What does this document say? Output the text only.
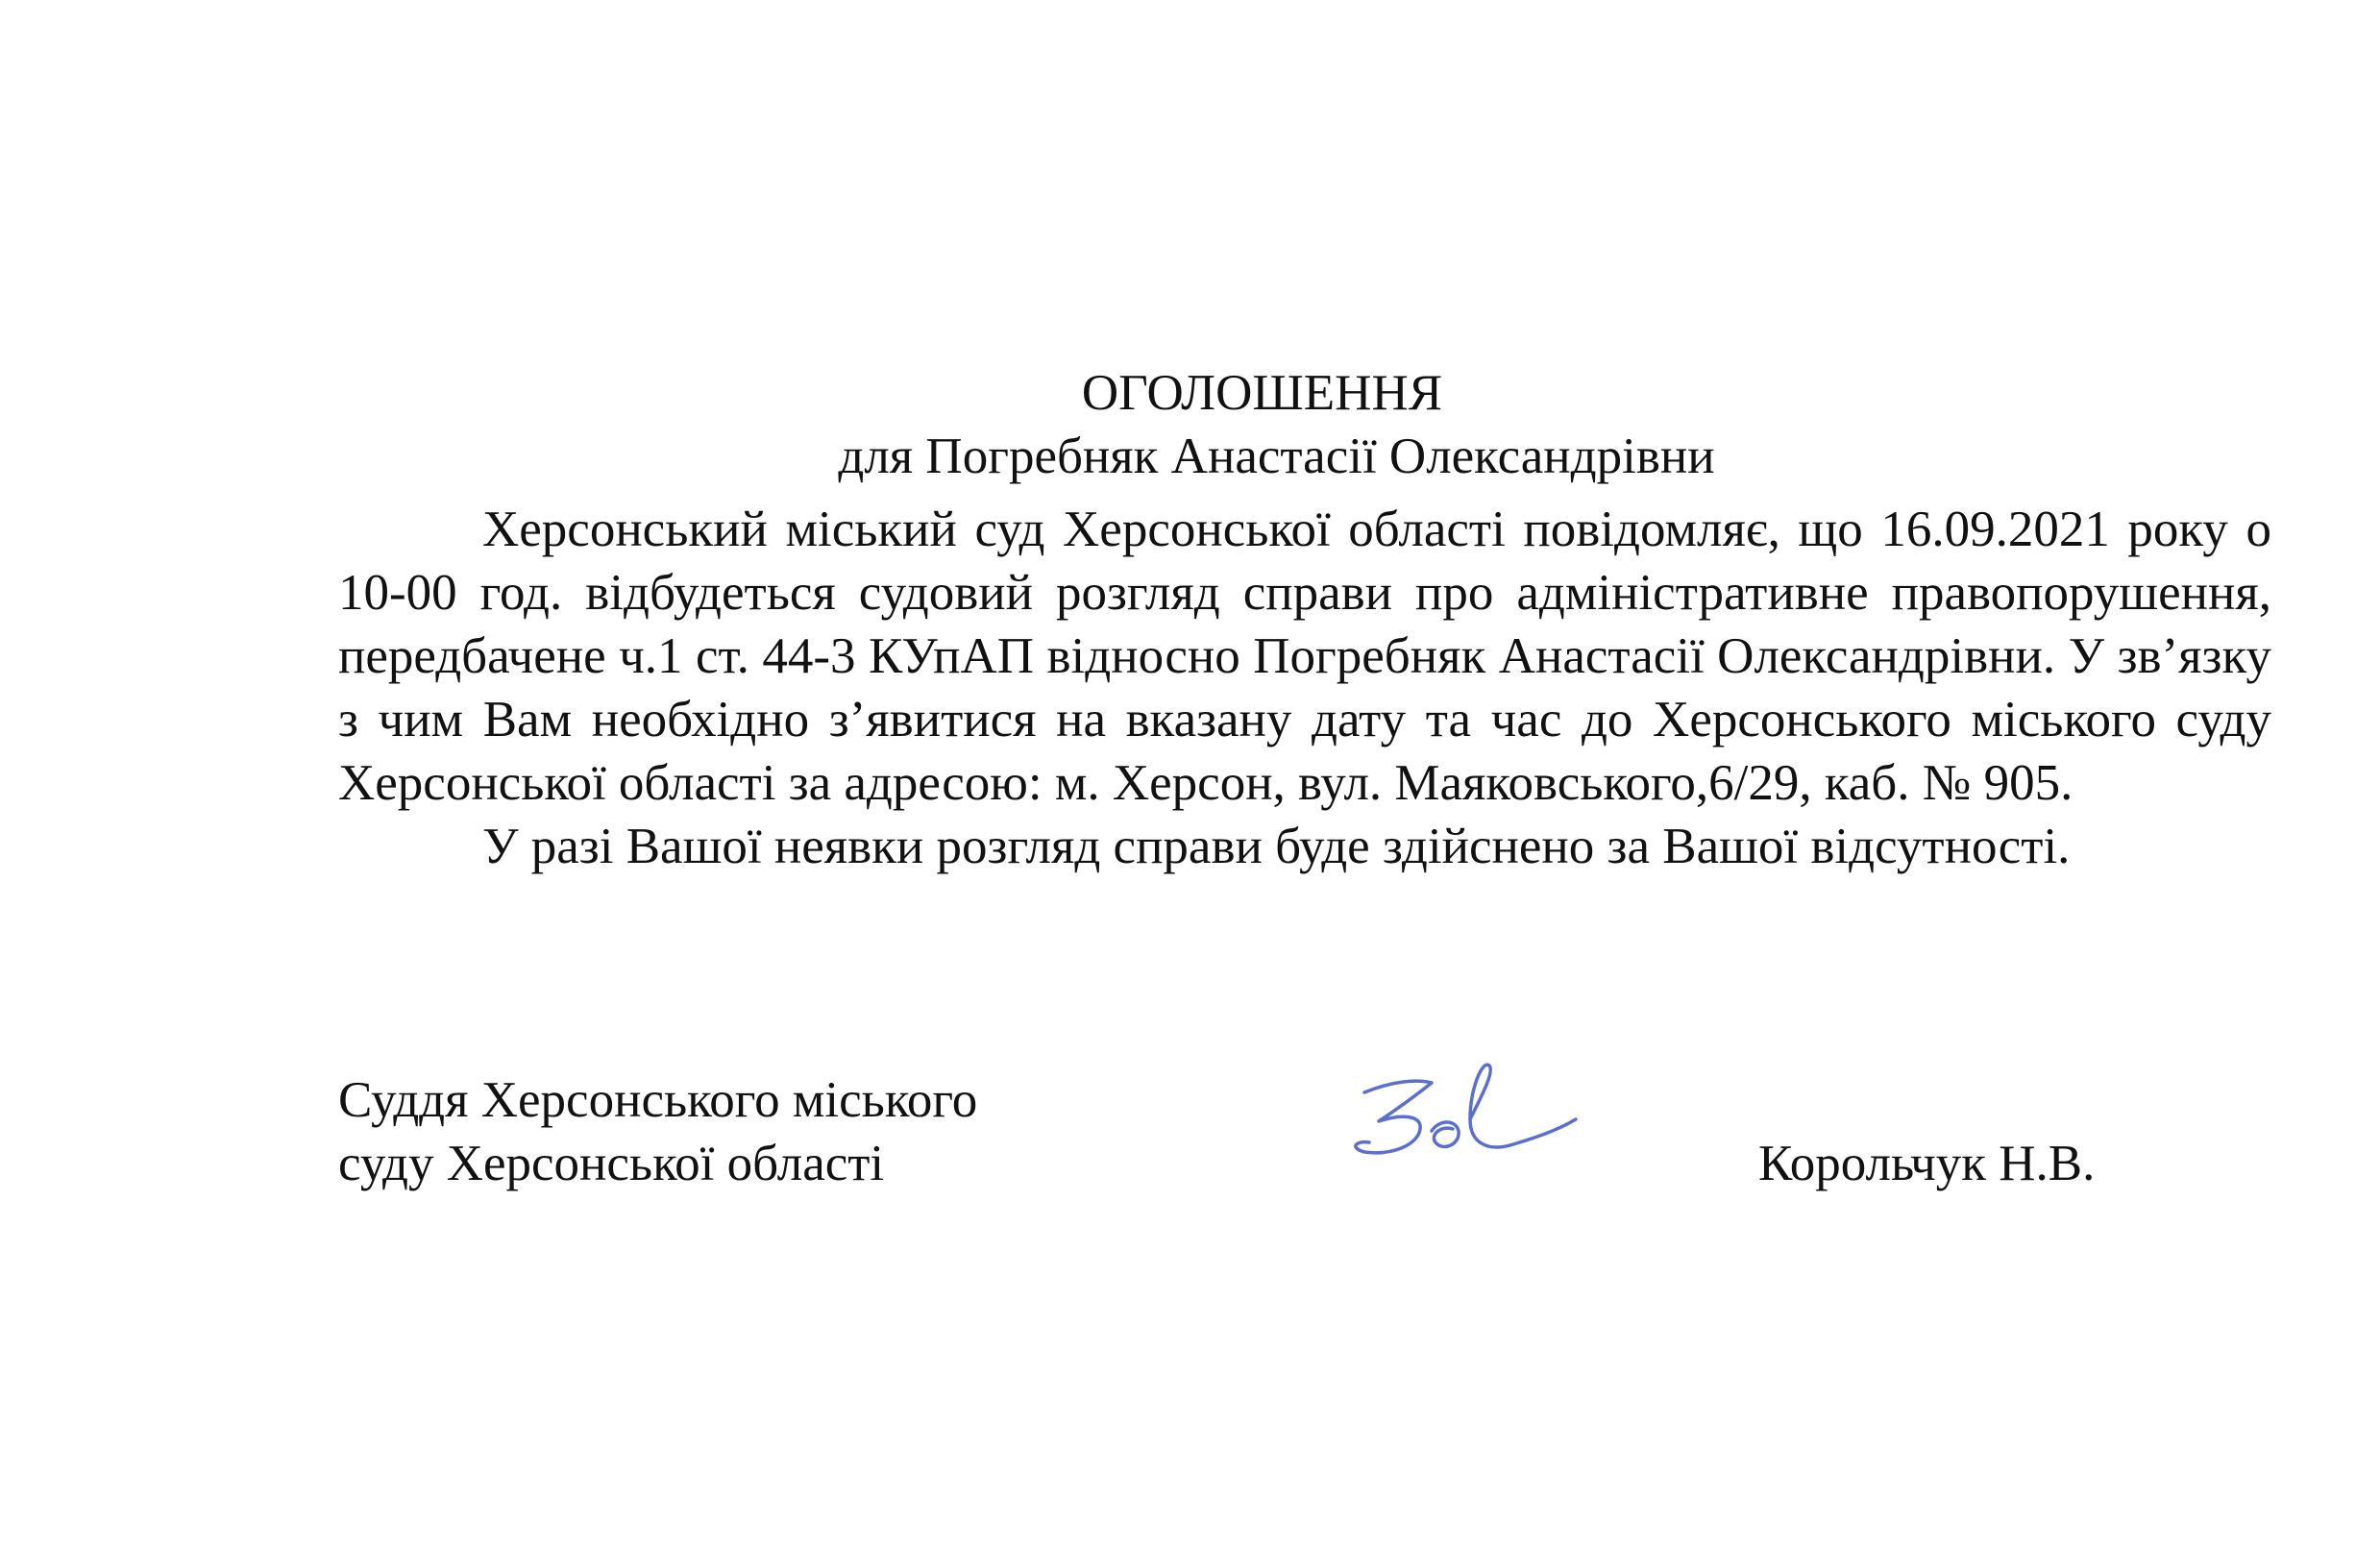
ОГОЛОШЕННЯ
для Погребняк Анастасії Олександрівни

Херсонський міський суд Херсонської області повідомляє, що 16.09.2021 року о 10-00 год. відбудеться судовий розгляд справи про адміністративне правопорушення, передбачене ч.1 ст. 44-3 КУпАП відносно Погребняк Анастасії Олександрівни. У зв’язку з чим Вам необхідно з’явитися на вказану дату та час до Херсонського міського суду Херсонської області за адресою: м. Херсон, вул. Маяковського,6/29, каб. № 905.

У разі Вашої неявки розгляд справи буде здійснено за Вашої відсутності.

Суддя Херсонського міського
суду Херсонської області	Корольчук Н.В.
